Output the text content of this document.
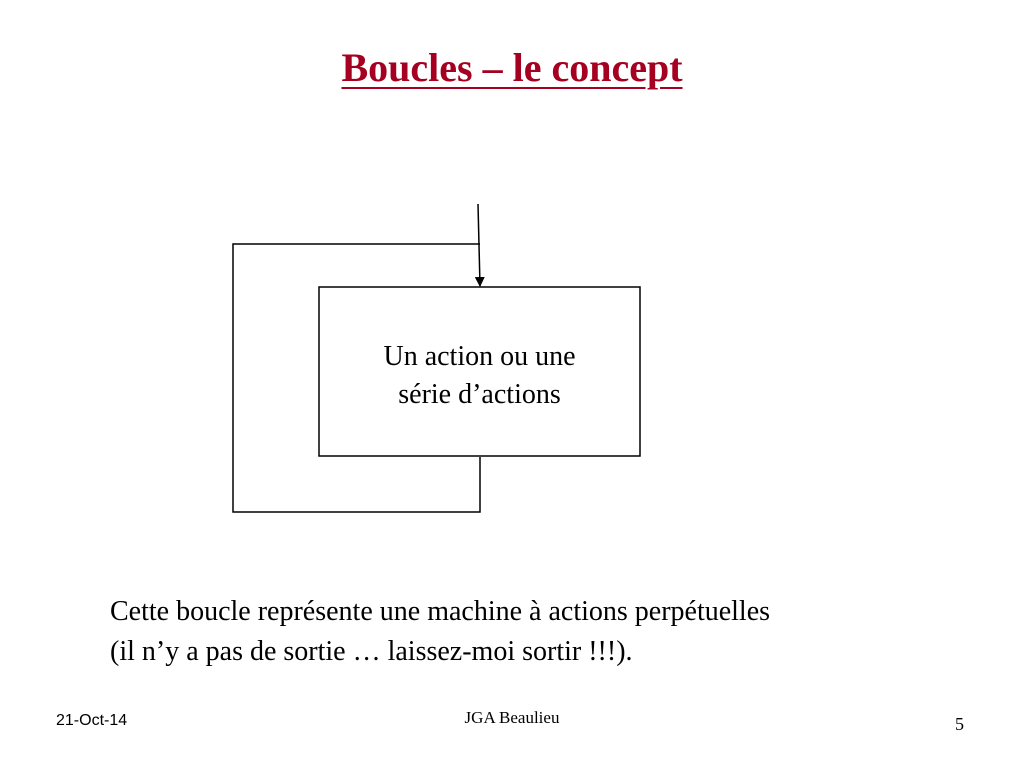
Boucles – le concept
Un action ou une
série d’actions
Cette boucle représente une machine à actions perpétuelles
(il n’y a pas de sortie … laissez-moi sortir !!!).
21-Oct-14	JGA Beaulieu	5
